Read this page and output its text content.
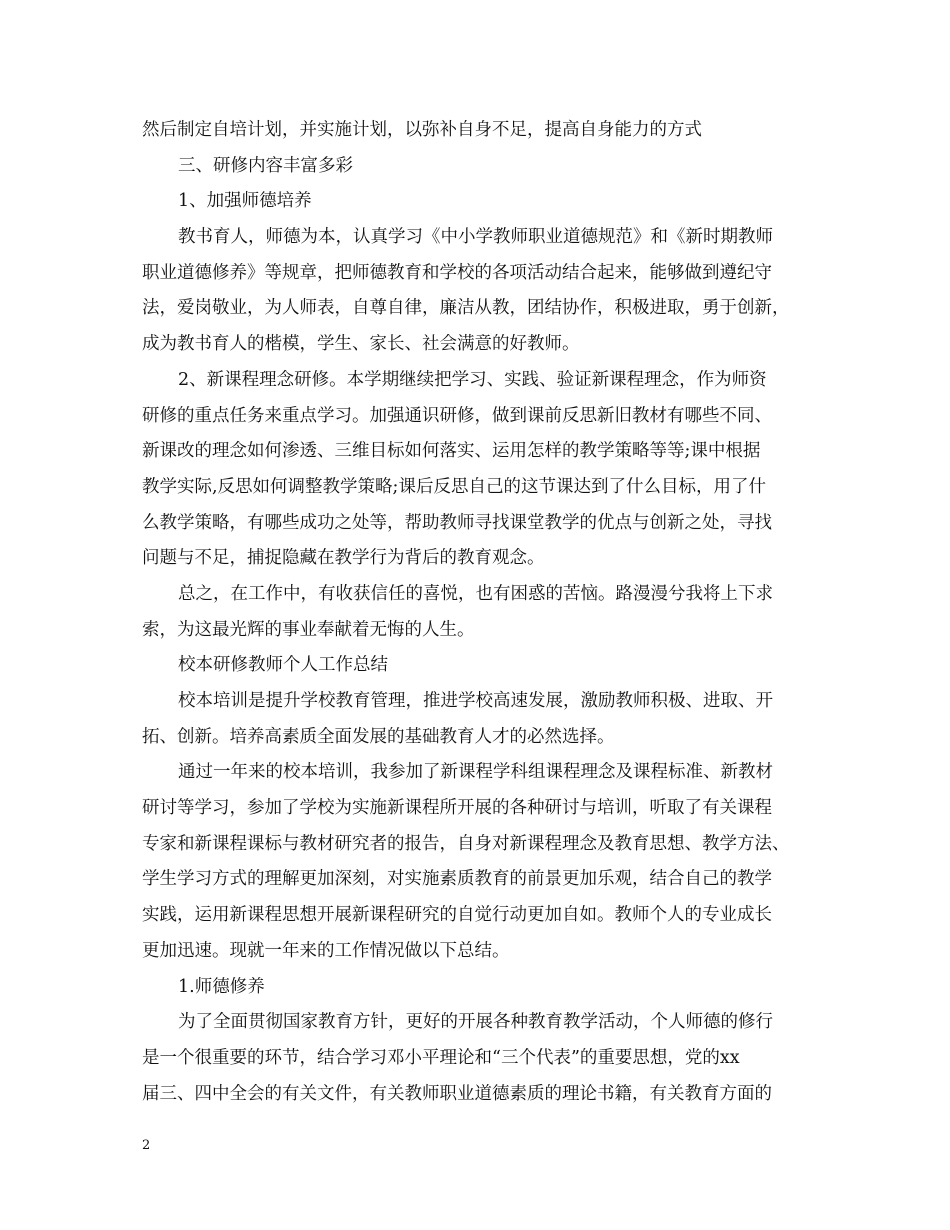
然后制定自培计划，并实施计划，以弥补自身不足，提高自身能力的方式
三、研修内容丰富多彩
1、加强师德培养
教书育人，师德为本，认真学习《中小学教师职业道德规范》和《新时期教师
职业道德修养》等规章，把师德教育和学校的各项活动结合起来，能够做到遵纪守
法，爱岗敬业，为人师表，自尊自律，廉洁从教，团结协作，积极进取，勇于创新，
成为教书育人的楷模，学生、家长、社会满意的好教师。
2、新课程理念研修。本学期继续把学习、实践、验证新课程理念，作为师资
研修的重点任务来重点学习。加强通识研修，做到课前反思新旧教材有哪些不同、
新课改的理念如何渗透、三维目标如何落实、运用怎样的教学策略等等;课中根据
教学实际,反思如何调整教学策略;课后反思自己的这节课达到了什么目标，用了什
么教学策略，有哪些成功之处等，帮助教师寻找课堂教学的优点与创新之处，寻找
问题与不足，捕捉隐藏在教学行为背后的教育观念。
总之，在工作中，有收获信任的喜悦，也有困惑的苦恼。路漫漫兮我将上下求
索，为这最光辉的事业奉献着无悔的人生。
校本研修教师个人工作总结
校本培训是提升学校教育管理，推进学校高速发展，激励教师积极、进取、开
拓、创新。培养高素质全面发展的基础教育人才的必然选择。
通过一年来的校本培训，我参加了新课程学科组课程理念及课程标准、新教材
研讨等学习，参加了学校为实施新课程所开展的各种研讨与培训，听取了有关课程
专家和新课程课标与教材研究者的报告，自身对新课程理念及教育思想、教学方法、
学生学习方式的理解更加深刻，对实施素质教育的前景更加乐观，结合自己的教学
实践，运用新课程思想开展新课程研究的自觉行动更加自如。教师个人的专业成长
更加迅速。现就一年来的工作情况做以下总结。
1.师德修养
为了全面贯彻国家教育方针，更好的开展各种教育教学活动，个人师德的修行
是一个很重要的环节，结合学习邓小平理论和“三个代表”的重要思想，党的xx
届三、四中全会的有关文件，有关教师职业道德素质的理论书籍，有关教育方面的
2
